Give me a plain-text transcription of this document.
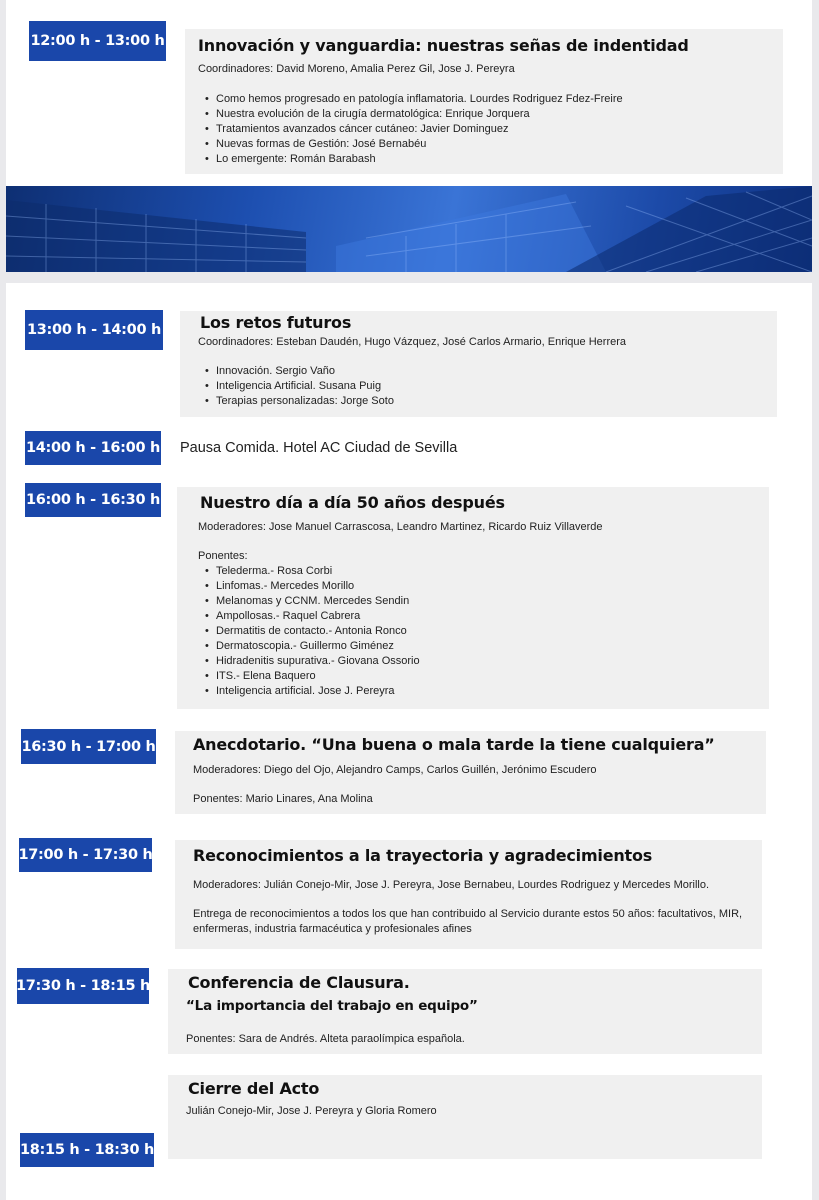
12:00 h - 13:00 h Innovación y vanguardia: nuestras señas de indentidad
Coordinadores: David Moreno, Amalia Perez Gil, Jose J. Pereyra
• Como hemos progresado en patología inflamatoria. Lourdes Rodriguez Fdez-Freire
• Nuestra evolución de la cirugía dermatológica: Enrique Jorquera
• Tratamientos avanzados cáncer cutáneo: Javier Dominguez
• Nuevas formas de Gestión: José Bernabéu
• Lo emergente: Román Barabash
13:00 h - 14:00 h Los retos futuros
Coordinadores: Esteban Daudén, Hugo Vázquez, José Carlos Armario, Enrique Herrera
• Innovación. Sergio Vaño
• Inteligencia Artificial. Susana Puig
• Terapias personalizadas: Jorge Soto
14:00 h - 16:00 h Pausa Comida. Hotel AC Ciudad de Sevilla
16:00 h - 16:30 h Nuestro día a día 50 años después
Moderadores: Jose Manuel Carrascosa, Leandro Martinez, Ricardo Ruiz Villaverde
Ponentes:
• Telederma.- Rosa Corbi
• Linfomas.- Mercedes Morillo
• Melanomas y CCNM. Mercedes Sendin
• Ampollosas.- Raquel Cabrera
• Dermatitis de contacto.- Antonia Ronco
• Dermatoscopia.- Guillermo Giménez
• Hidradenitis supurativa.- Giovana Ossorio
• ITS.- Elena Baquero
• Inteligencia artificial. Jose J. Pereyra
16:30 h - 17:00 h Anecdotario. “Una buena o mala tarde la tiene cualquiera”
Moderadores: Diego del Ojo, Alejandro Camps, Carlos Guillén, Jerónimo Escudero
Ponentes: Mario Linares, Ana Molina
17:00 h - 17:30 h	Reconocimientos a la trayectoria y agradecimientos
Moderadores: Julián Conejo-Mir, Jose J. Pereyra, Jose Bernabeu, Lourdes Rodriguez y Mercedes Morillo.
Entrega de reconocimientos a todos los que han contribuido al Servicio durante estos 50 años: facultativos, MIR, enfermeras, industria farmacéutica y profesionales afines
17:30 h - 18:15 h Conferencia de Clausura.
“La importancia del trabajo en equipo”
Ponentes: Sara de Andrés. Alteta paraolímpica española.
18:15 h - 18:30 h
Cierre del Acto
Julián Conejo-Mir, Jose J. Pereyra y Gloria Romero
